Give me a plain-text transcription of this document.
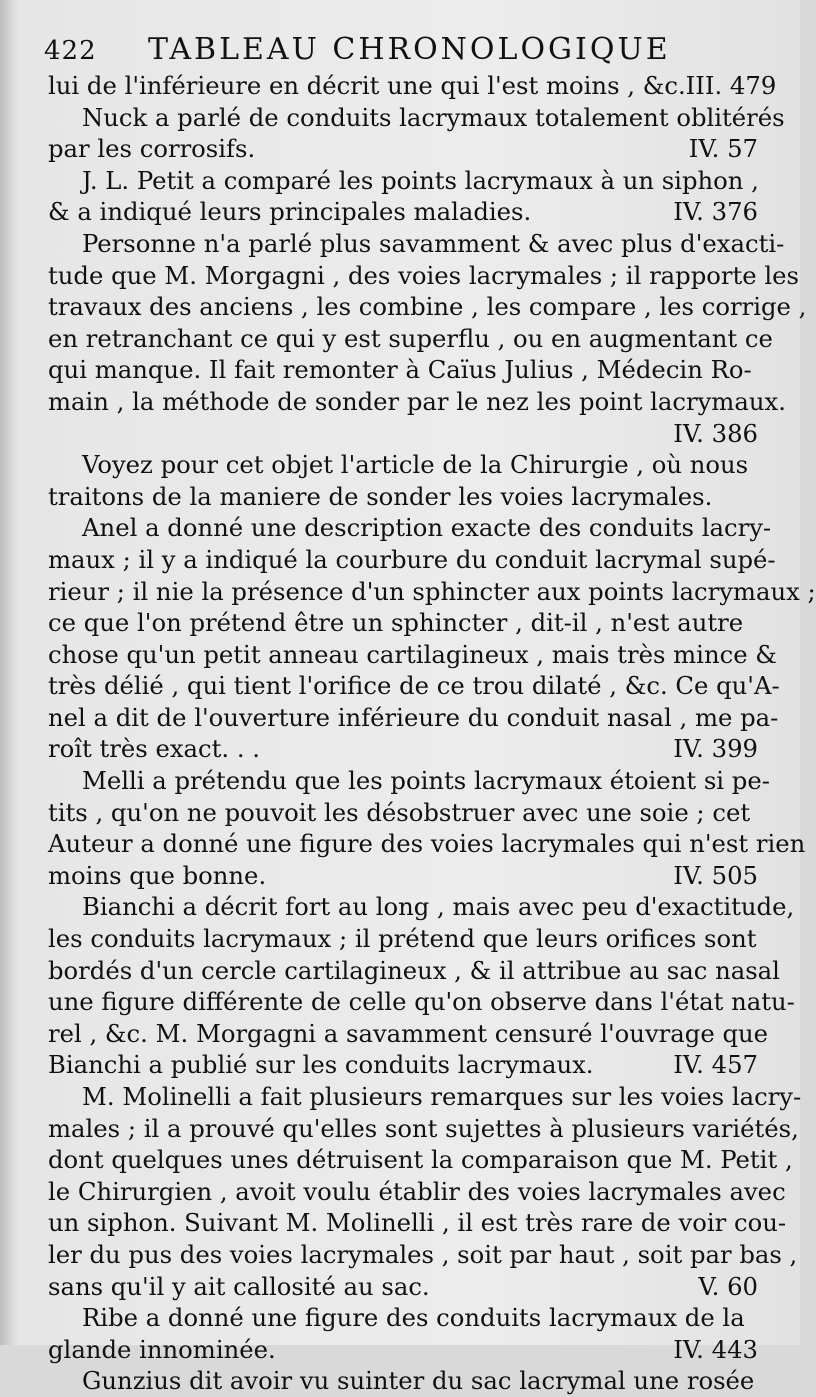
422 TABLEAU CHRONOLOGIQUE
lui de l'inférieure en décrit une qui l'est moins , &c. III. 479
Nuck a parlé de conduits lacrymaux totalement oblitérés
par les corrosifs.	IV. 57
J. L. Petit a comparé les points lacrymaux à un siphon ,
& a indiqué leurs principales maladies.	IV. 376
Personne n'a parlé plus savamment & avec plus d'exacti-
tude que M. Morgagni , des voies lacrymales ; il rapporte les
travaux des anciens , les combine , les compare , les corrige ,
en retranchant ce qui y est superflu , ou en augmentant ce
qui manque. Il fait remonter à Caïus Julius , Médecin Ro-
main , la méthode de sonder par le nez les point lacrymaux.
IV. 386
Voyez pour cet objet l'article de la Chirurgie , où nous
traitons de la maniere de sonder les voies lacrymales.
Anel a donné une description exacte des conduits lacry-
maux ; il y a indiqué la courbure du conduit lacrymal supé-
rieur ; il nie la présence d'un sphincter aux points lacrymaux ;
ce que l'on prétend être un sphincter , dit-il , n'est autre
chose qu'un petit anneau cartilagineux , mais très mince &
très délié , qui tient l'orifice de ce trou dilaté , &c. Ce qu'A-
nel a dit de l'ouverture inférieure du conduit nasal , me pa-
roît très exact. . .	IV. 399
Melli a prétendu que les points lacrymaux étoient si pe-
tits , qu'on ne pouvoit les désobstruer avec une soie ; cet
Auteur a donné une figure des voies lacrymales qui n'est rien
moins que bonne.	IV. 505
Bianchi a décrit fort au long , mais avec peu d'exactitude,
les conduits lacrymaux ; il prétend que leurs orifices sont
bordés d'un cercle cartilagineux , & il attribue au sac nasal
une figure différente de celle qu'on observe dans l'état natu-
rel , &c. M. Morgagni a savamment censuré l'ouvrage que
Bianchi a publié sur les conduits lacrymaux.	IV. 457
M. Molinelli a fait plusieurs remarques sur les voies lacry-
males ; il a prouvé qu'elles sont sujettes à plusieurs variétés,
dont quelques unes détruisent la comparaison que M. Petit ,
le Chirurgien , avoit voulu établir des voies lacrymales avec
un siphon. Suivant M. Molinelli , il est très rare de voir cou-
ler du pus des voies lacrymales , soit par haut , soit par bas ,
sans qu'il y ait callosité au sac.	V. 60
Ribe a donné une figure des conduits lacrymaux de la
glande innominée.	IV. 443
Gunzius dit avoir vu suinter du sac lacrymal une rosée
